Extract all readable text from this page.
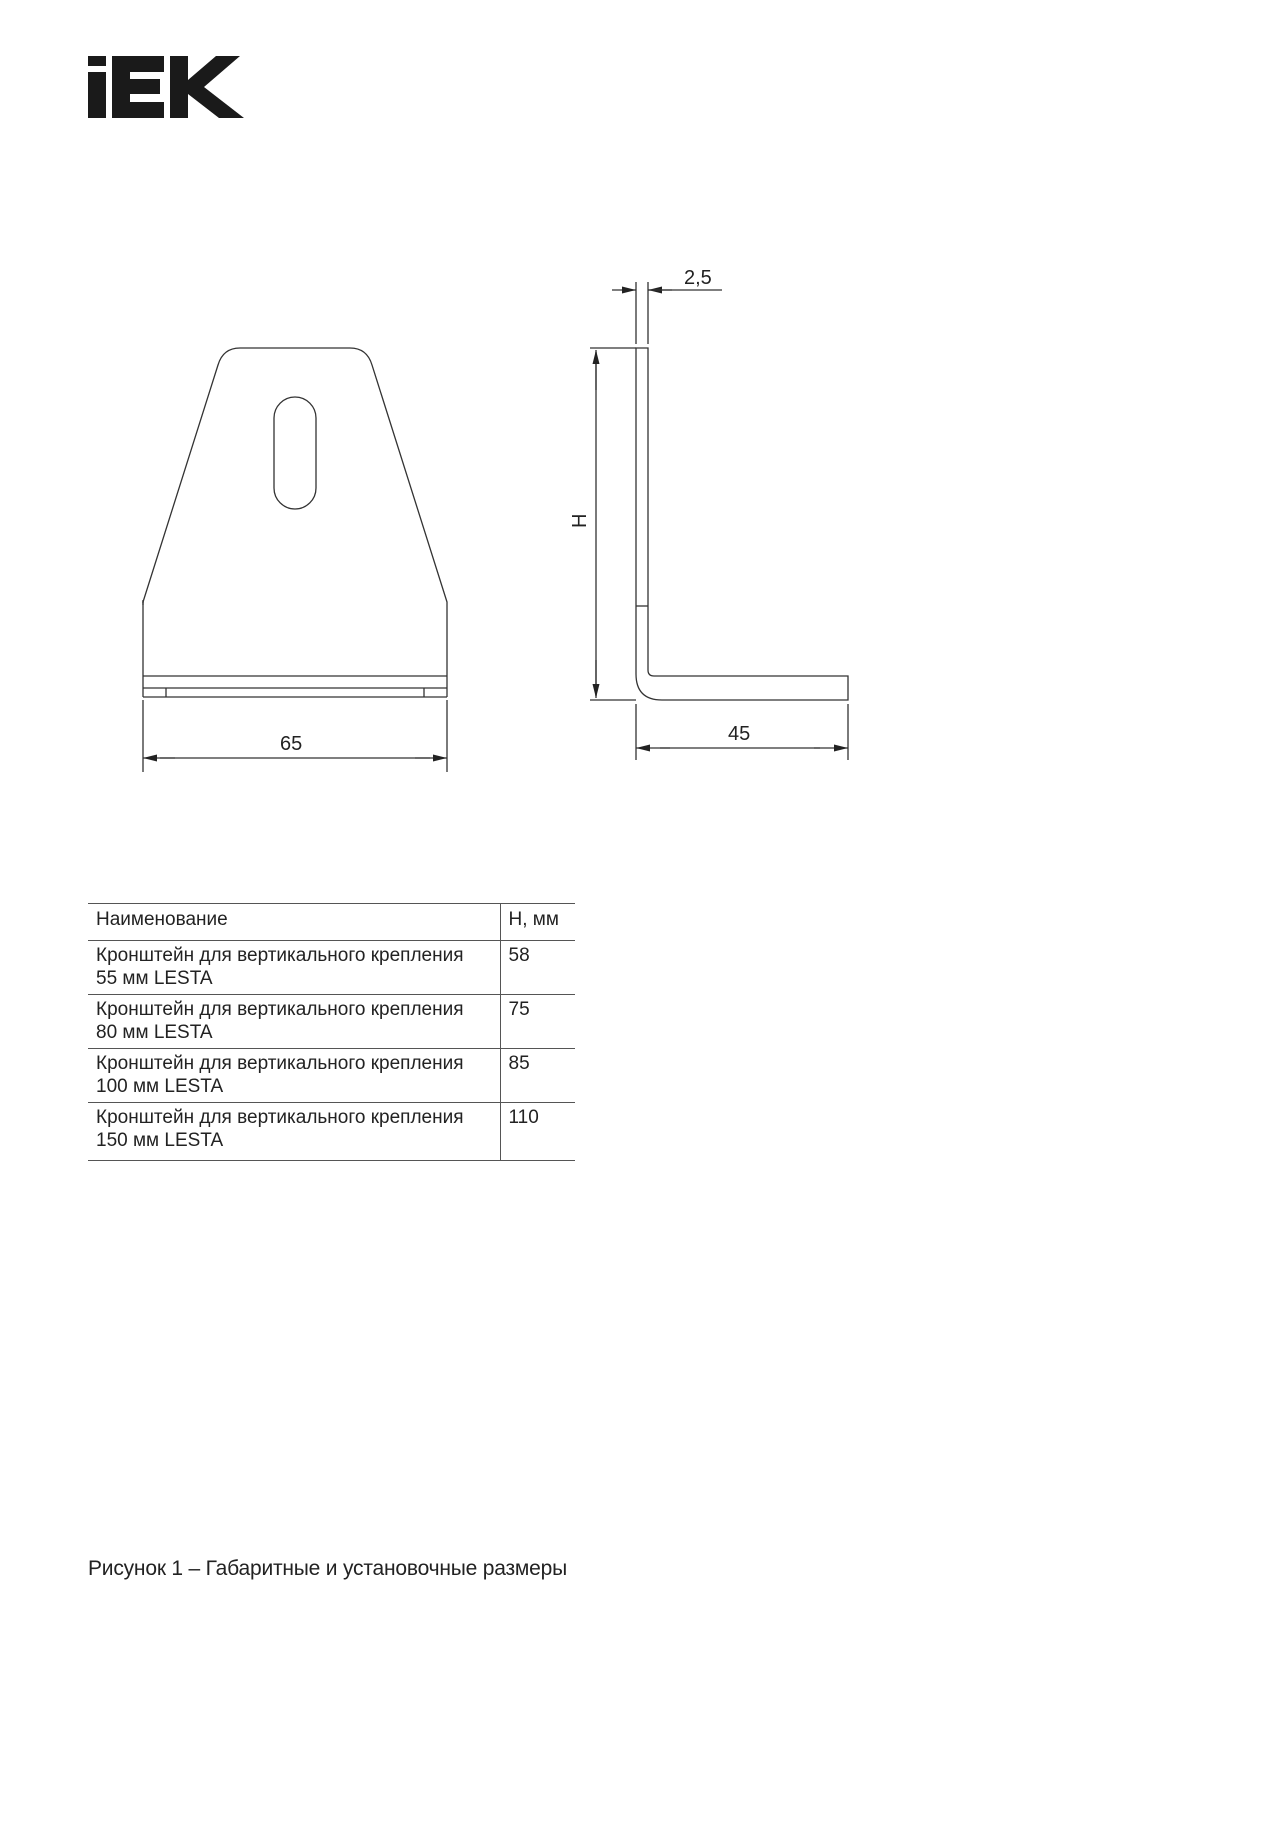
2,5
H
65	45
Наименование	H, мм

Кронштейн для вертикального крепления
55 мм LESTA	58

Кронштейн для вертикального крепления
80 мм LESTA	75

Кронштейн для вертикального крепления
100 мм LESTA	85

Кронштейн для вертикального крепления
150 мм LESTA	110
Рисунок 1 – Габаритные и установочные размеры
